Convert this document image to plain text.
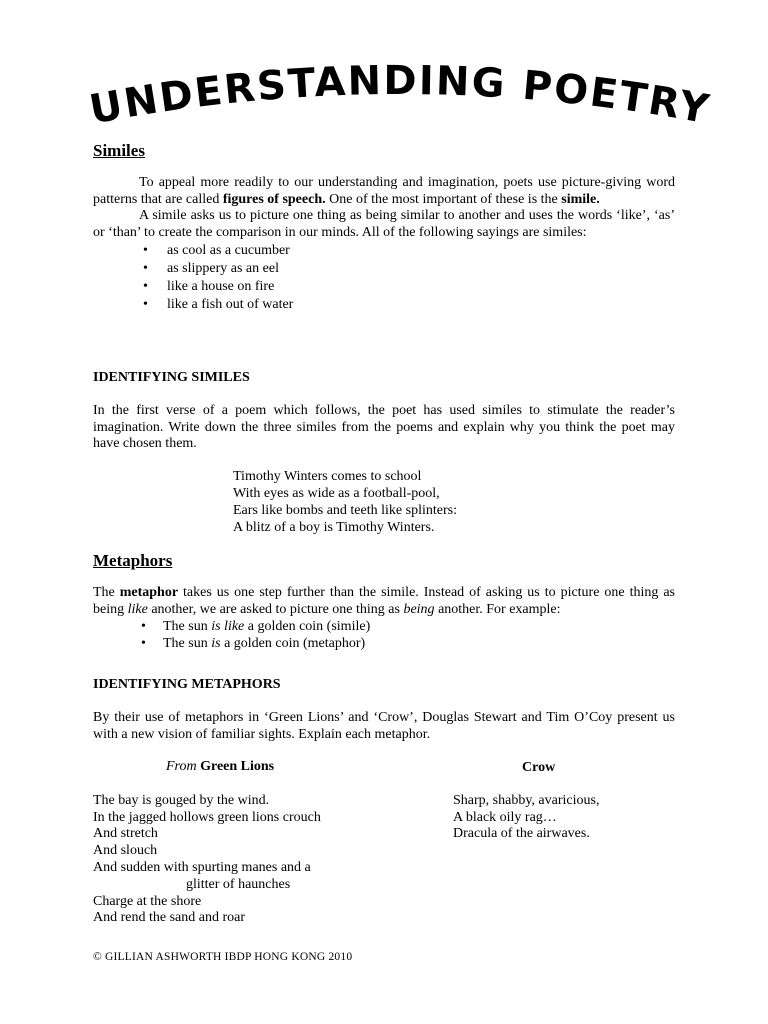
UNDERSTANDING POETRY
Similes

To appeal more readily to our understanding and imagination, poets use picture-giving word patterns that are called figures of speech. One of the most important of these is the simile.

A simile asks us to picture one thing as being similar to another and uses the words ‘like’, ‘as’ or ‘than’ to create the comparison in our minds. All of the following sayings are similes:

• as cool as a cucumber
• as slippery as an eel
• like a house on fire
• like a fish out of water
IDENTIFYING SIMILES

In the first verse of a poem which follows, the poet has used similes to stimulate the reader’s imagination. Write down the three similes from the poems and explain why you think the poet may have chosen them.

Timothy Winters comes to school
With eyes as wide as a football-pool,
Ears like bombs and teeth like splinters:
A blitz of a boy is Timothy Winters.
Metaphors

The metaphor takes us one step further than the simile. Instead of asking us to picture one thing as being like another, we are asked to picture one thing as being another. For example:

• The sun is like a golden coin (simile)
• The sun is a golden coin (metaphor)
IDENTIFYING METAPHORS

By their use of metaphors in ‘Green Lions’ and ‘Crow’, Douglas Stewart and Tim O’Coy present us with a new vision of familiar sights. Explain each metaphor.

From Green Lions
The bay is gouged by the wind.
In the jagged hollows green lions crouch
And stretch
And slouch
And sudden with spurting manes and a
glitter of haunches
Charge at the shore
And rend the sand and roar
Crow
Sharp, shabby, avaricious,
A black oily rag…
Dracula of the airwaves.
© GILLIAN ASHWORTH IBDP HONG KONG 2010
